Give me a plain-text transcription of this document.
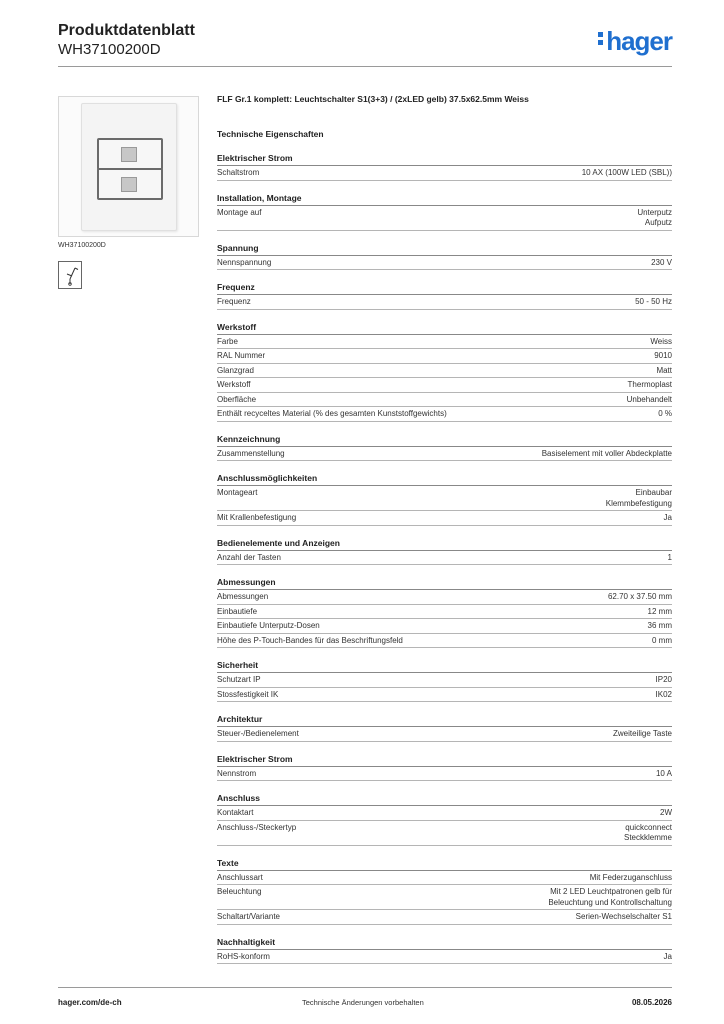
Produktdatenblatt
WH37100200D	hager
WH37100200D
FLF Gr.1 komplett: Leuchtschalter S1(3+3) / (2xLED gelb) 37.5x62.5mm Weiss
Technische Eigenschaften
Elektrischer Strom
Schaltstrom	10 AX (100W LED (SBL))
Installation, Montage
Montage auf	Unterputz
Aufputz
Spannung
Nennspannung	230 V
Frequenz
Frequenz	50 - 50 Hz
Werkstoff
Farbe	Weiss
RAL Nummer	9010
Glanzgrad	Matt
Werkstoff	Thermoplast
Oberfläche	Unbehandelt
Enthält recyceltes Material (% des gesamten Kunststoffgewichts)	0 %
Kennzeichnung
Zusammenstellung	Basiselement mit voller Abdeckplatte
Anschlussmöglichkeiten
Montageart	Einbaubar
Klemmbefestigung
Mit Krallenbefestigung	Ja
Bedienelemente und Anzeigen
Anzahl der Tasten	1
Abmessungen
Abmessungen	62.70 x 37.50 mm
Einbautiefe	12 mm
Einbautiefe Unterputz-Dosen	36 mm
Höhe des P-Touch-Bandes für das Beschriftungsfeld	0 mm
Sicherheit
Schutzart IP	IP20
Stossfestigkeit IK	IK02
Architektur
Steuer-/Bedienelement	Zweiteilige Taste
Elektrischer Strom
Nennstrom	10 A
Anschluss
Kontaktart	2W
Anschluss-/Steckertyp	quickconnect
Steckklemme
Texte
Anschlussart	Mit Federzuganschluss
Beleuchtung	Mit 2 LED Leuchtpatronen gelb für
Beleuchtung und Kontrollschaltung
Schaltart/Variante	Serien-Wechselschalter S1
Nachhaltigkeit
RoHS-konform	Ja
hager.com/de-ch	Technische Änderungen vorbehalten	08.05.2026
